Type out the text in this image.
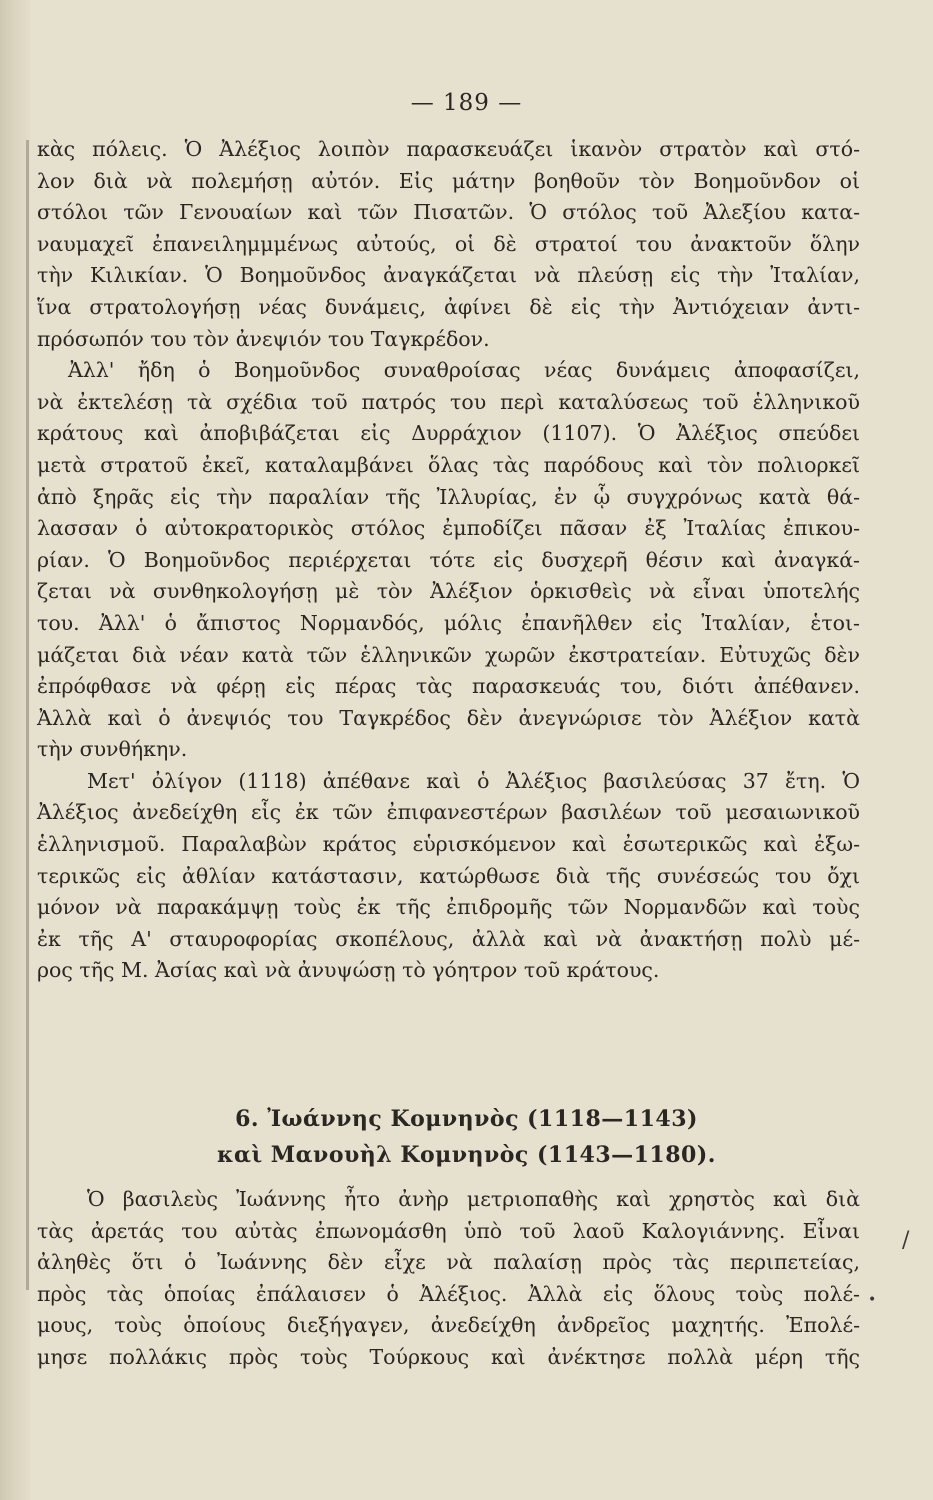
— 189 —
κὰς πόλεις. Ὁ Ἀλέξιος λοιπὸν παρασκευάζει ἱκανὸν στρατὸν καὶ στό-
λον διὰ νὰ πολεμήσῃ αὐτόν. Εἰς μάτην βοηθοῦν τὸν Βοημοῦνδον οἱ
στόλοι τῶν Γενουαίων καὶ τῶν Πισατῶν. Ὁ στόλος τοῦ Ἀλεξίου κατα-
ναυμαχεῖ ἐπανειλημμμένως αὐτούς, οἱ δὲ στρατοί του ἀνακτοῦν ὅλην
τὴν Κιλικίαν. Ὁ Βοημοῦνδος ἀναγκάζεται νὰ πλεύσῃ εἰς τὴν Ἰταλίαν,
ἵνα στρατολογήσῃ νέας δυνάμεις, ἀφίνει δὲ εἰς τὴν Ἀντιόχειαν ἀντι-
πρόσωπόν του τὸν ἀνεψιόν του Ταγκρέδον.
Ἀλλ' ἤδη ὁ Βοημοῦνδος συναθροίσας νέας δυνάμεις ἀποφασίζει,
νὰ ἐκτελέσῃ τὰ σχέδια τοῦ πατρός του περὶ καταλύσεως τοῦ ἑλληνικοῦ
κράτους καὶ ἀποβιβάζεται εἰς Δυρράχιον (1107). Ὁ Ἀλέξιος σπεύδει
μετὰ στρατοῦ ἐκεῖ, καταλαμβάνει ὅλας τὰς παρόδους καὶ τὸν πολιορκεῖ
ἀπὸ ξηρᾶς εἰς τὴν παραλίαν τῆς Ἰλλυρίας, ἐν ᾧ συγχρόνως κατὰ θά-
λασσαν ὁ αὐτοκρατορικὸς στόλος ἐμποδίζει πᾶσαν ἐξ Ἰταλίας ἐπικου-
ρίαν. Ὁ Βοημοῦνδος περιέρχεται τότε εἰς δυσχερῆ θέσιν καὶ ἀναγκά-
ζεται νὰ συνθηκολογήσῃ μὲ τὸν Ἀλέξιον ὁρκισθεὶς νὰ εἶναι ὑποτελής
του. Ἀλλ' ὁ ἄπιστος Νορμανδός, μόλις ἐπανῆλθεν εἰς Ἰταλίαν, ἑτοι-
μάζεται διὰ νέαν κατὰ τῶν ἑλληνικῶν χωρῶν ἐκστρατείαν. Εὐτυχῶς δὲν
ἐπρόφθασε νὰ φέρῃ εἰς πέρας τὰς παρασκευάς του, διότι ἀπέθανεν.
Ἀλλὰ καὶ ὁ ἀνεψιός του Ταγκρέδος δὲν ἀνεγνώρισε τὸν Ἀλέξιον κατὰ
τὴν συνθήκην.
Μετ' ὀλίγον (1118) ἀπέθανε καὶ ὁ Ἀλέξιος βασιλεύσας 37 ἔτη. Ὁ
Ἀλέξιος ἀνεδείχθη εἷς ἐκ τῶν ἐπιφανεστέρων βασιλέων τοῦ μεσαιωνικοῦ
ἑλληνισμοῦ. Παραλαβὼν κράτος εὑρισκόμενον καὶ ἐσωτερικῶς καὶ ἐξω-
τερικῶς εἰς ἀθλίαν κατάστασιν, κατώρθωσε διὰ τῆς συνέσεώς του ὄχι
μόνον νὰ παρακάμψῃ τοὺς ἐκ τῆς ἐπιδρομῆς τῶν Νορμανδῶν καὶ τοὺς
ἐκ τῆς Α' σταυροφορίας σκοπέλους, ἀλλὰ καὶ νὰ ἀνακτήσῃ πολὺ μέ-
ρος τῆς Μ. Ἀσίας καὶ νὰ ἀνυψώσῃ τὸ γόητρον τοῦ κράτους.
6. Ἰωάννης Κομνηνὸς (1118—1143)
καὶ Μανουὴλ Κομνηνὸς (1143—1180).
Ὁ βασιλεὺς Ἰωάννης ἦτο ἀνὴρ μετριοπαθὴς καὶ χρηστὸς καὶ διὰ
τὰς ἀρετάς του αὐτὰς ἐπωνομάσθη ὑπὸ τοῦ λαοῦ Καλογιάννης. Εἶναι
ἀληθὲς ὅτι ὁ Ἰωάννης δὲν εἶχε νὰ παλαίσῃ πρὸς τὰς περιπετείας,
πρὸς τὰς ὁποίας ἐπάλαισεν ὁ Ἀλέξιος. Ἀλλὰ εἰς ὅλους τοὺς πολέ-
μους, τοὺς ὁποίους διεξήγαγεν, ἀνεδείχθη ἀνδρεῖος μαχητής. Ἐπολέ-
μησε πολλάκις πρὸς τοὺς Τούρκους καὶ ἀνέκτησε πολλὰ μέρη τῆς
/
•
